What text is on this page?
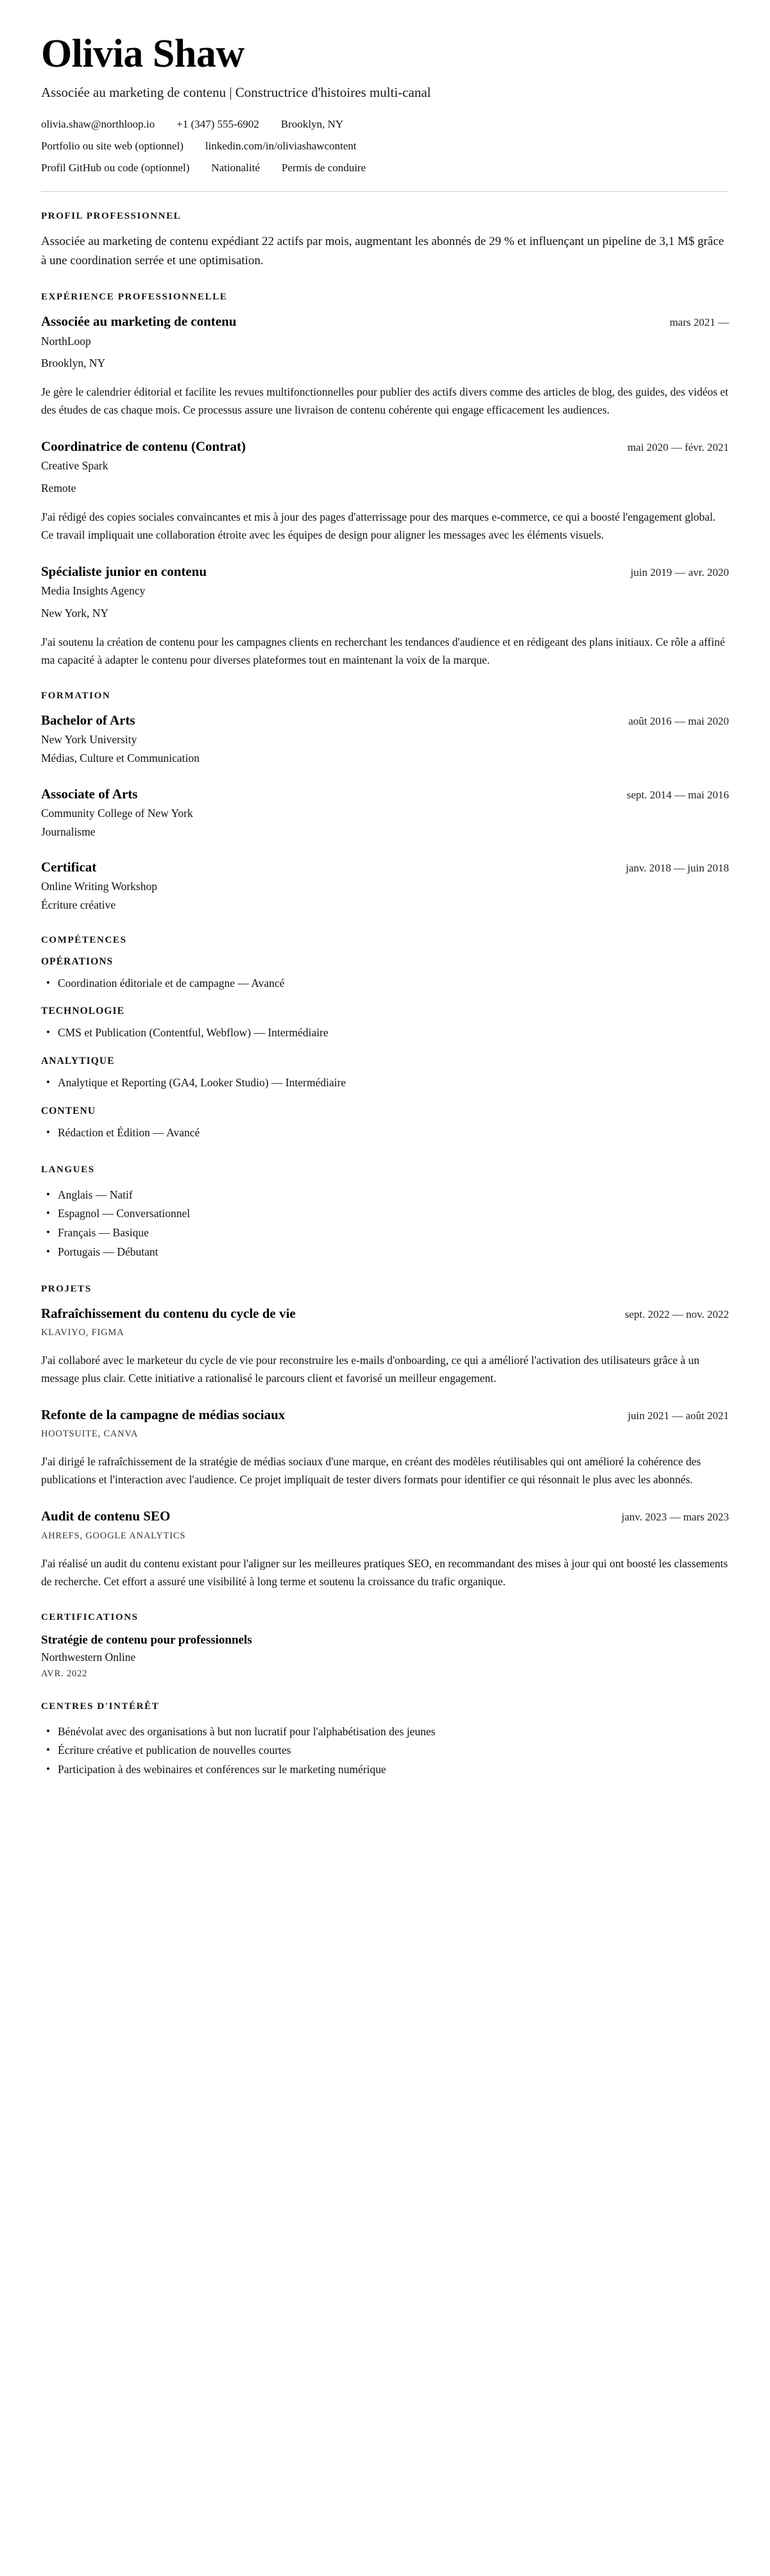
Olivia Shaw
Associée au marketing de contenu | Constructrice d'histoires multi-canal
olivia.shaw@northloop.io +1 (347) 555-6902 Brooklyn, NY
Portfolio ou site web (optionnel) linkedin.com/in/oliviashawcontent
Profil GitHub ou code (optionnel) Nationalité Permis de conduire
PROFIL PROFESSIONNEL

Associée au marketing de contenu expédiant 22 actifs par mois, augmentant les abonnés de 29 % et influençant un pipeline de 3,1 M$ grâce à une coordination serrée et une optimisation.

EXPÉRIENCE PROFESSIONNELLE
Associée au marketing de contenu	mars 2021 —
NorthLoop
Brooklyn, NY
Je gère le calendrier éditorial et facilite les revues multifonctionnelles pour publier des actifs divers comme des articles de blog, des guides, des vidéos et des études de cas chaque mois. Ce processus assure une livraison de contenu cohérente qui engage efficacement les audiences.
Coordinatrice de contenu (Contrat)	mai 2020 — févr. 2021
Creative Spark
Remote
J'ai rédigé des copies sociales convaincantes et mis à jour des pages d'atterrissage pour des marques e-commerce, ce qui a boosté l'engagement global. Ce travail impliquait une collaboration étroite avec les équipes de design pour aligner les messages avec les éléments visuels.
Spécialiste junior en contenu	juin 2019 — avr. 2020
Media Insights Agency
New York, NY
J'ai soutenu la création de contenu pour les campagnes clients en recherchant les tendances d'audience et en rédigeant des plans initiaux. Ce rôle a affiné ma capacité à adapter le contenu pour diverses plateformes tout en maintenant la voix de la marque.
FORMATION
Bachelor of Arts	août 2016 — mai 2020
New York University
Médias, Culture et Communication
Associate of Arts	sept. 2014 — mai 2016
Community College of New York
Journalisme
Certificat	janv. 2018 — juin 2018
Online Writing Workshop
Écriture créative
COMPÉTENCES
OPÉRATIONS
• Coordination éditoriale et de campagne — Avancé
TECHNOLOGIE
• CMS et Publication (Contentful, Webflow) — Intermédiaire
ANALYTIQUE
• Analytique et Reporting (GA4, Looker Studio) — Intermédiaire
CONTENU
• Rédaction et Édition — Avancé
LANGUES
• Anglais — Natif
• Espagnol — Conversationnel
• Français — Basique
• Portugais — Débutant
PROJETS
Rafraîchissement du contenu du cycle de vie	sept. 2022 — nov. 2022
KLAVIYO, FIGMA
J'ai collaboré avec le marketeur du cycle de vie pour reconstruire les e-mails d'onboarding, ce qui a amélioré l'activation des utilisateurs grâce à un message plus clair. Cette initiative a rationalisé le parcours client et favorisé un meilleur engagement.
Refonte de la campagne de médias sociaux	juin 2021 — août 2021
HOOTSUITE, CANVA
J'ai dirigé le rafraîchissement de la stratégie de médias sociaux d'une marque, en créant des modèles réutilisables qui ont amélioré la cohérence des publications et l'interaction avec l'audience. Ce projet impliquait de tester divers formats pour identifier ce qui résonnait le plus avec les abonnés.
Audit de contenu SEO	janv. 2023 — mars 2023
AHREFS, GOOGLE ANALYTICS
J'ai réalisé un audit du contenu existant pour l'aligner sur les meilleures pratiques SEO, en recommandant des mises à jour qui ont boosté les classements de recherche. Cet effort a assuré une visibilité à long terme et soutenu la croissance du trafic organique.
CERTIFICATIONS
Stratégie de contenu pour professionnels
Northwestern Online
AVR. 2022
CENTRES D'INTÉRÊT
• Bénévolat avec des organisations à but non lucratif pour l'alphabétisation des jeunes
• Écriture créative et publication de nouvelles courtes
• Participation à des webinaires et conférences sur le marketing numérique
